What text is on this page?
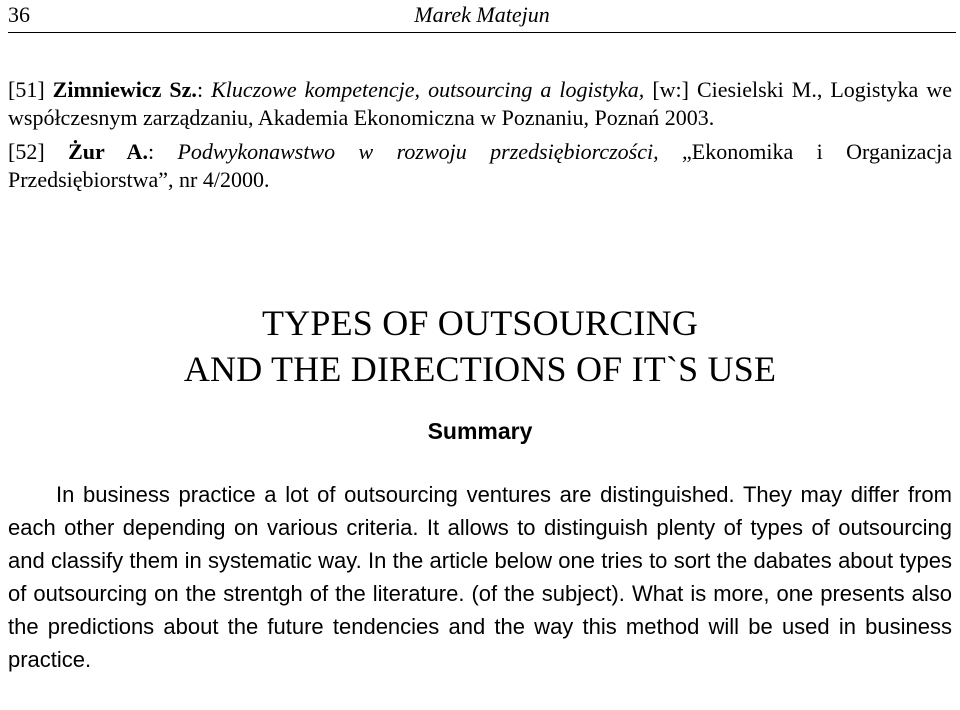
36	Marek Matejun

[51] Zimniewicz Sz.: Kluczowe kompetencje, outsourcing a logistyka, [w:] Ciesielski M., Logistyka we współczesnym zarządzaniu, Akademia Ekonomiczna w Poznaniu, Poznań 2003.

[52] Żur A.: Podwykonawstwo w rozwoju przedsiębiorczości, „Ekonomika i Organizacja Przedsiębiorstwa”, nr 4/2000.

TYPES OF OUTSOURCING
AND THE DIRECTIONS OF IT`S USE
Summary
In business practice a lot of outsourcing ventures are distinguished. They may differ from each other depending on various criteria. It allows to distinguish plenty of types of outsourcing and classify them in systematic way. In the article below one tries to sort the dabates about types of outsourcing on the strentgh of the literature. (of the subject). What is more, one presents also the predictions about the future tendencies and the way this method will be used in business practice.
